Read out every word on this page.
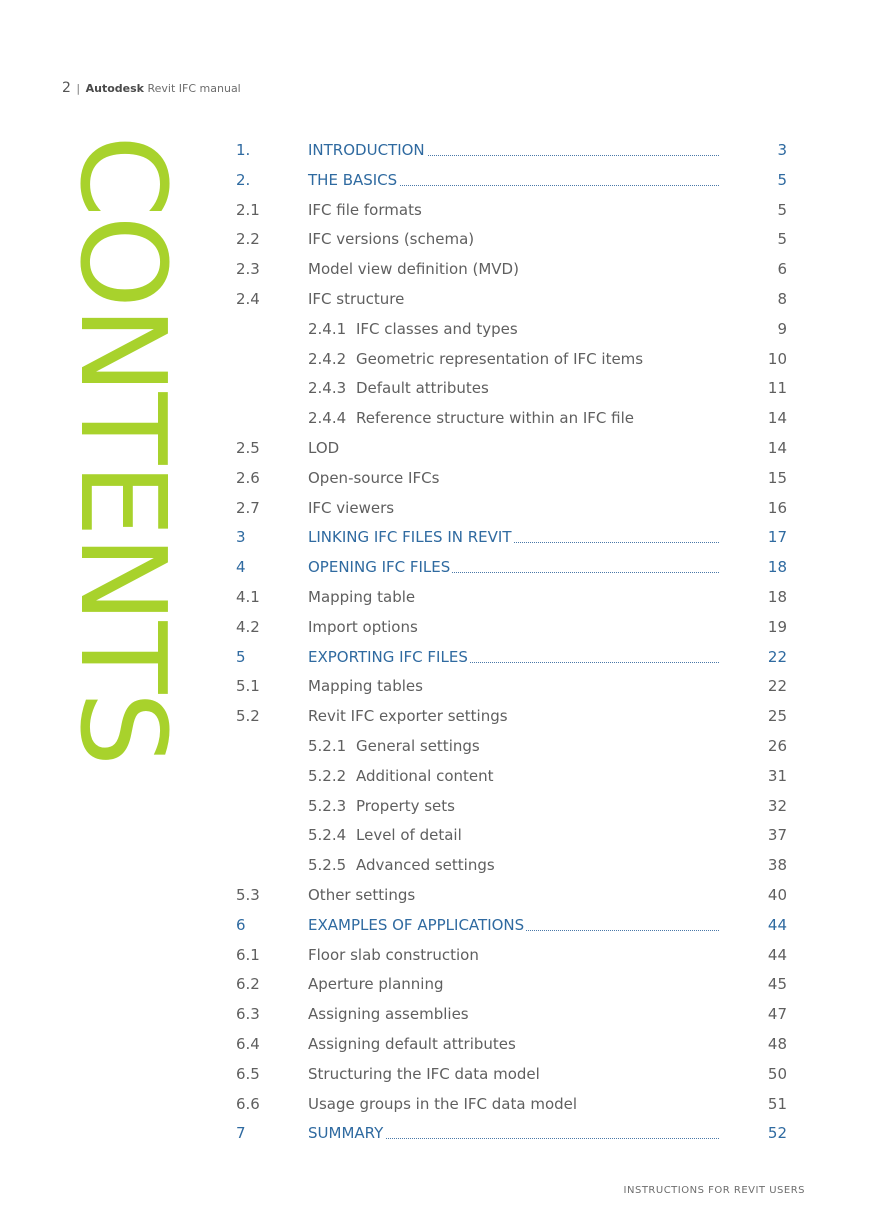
2 | Autodesk Revit IFC manual
CONTENTS	1.	INTRODUCTION	3
2.	THE BASICS	5
2.1	IFC file formats	5
2.2	IFC versions (schema)	5
2.3	Model view definition (MVD)	6
2.4	IFC structure	8
2.4.1 IFC classes and types	9
2.4.2 Geometric representation of IFC items	10
2.4.3 Default attributes	11
2.4.4 Reference structure within an IFC file	14
2.5	LOD	14
2.6	Open-source IFCs	15
2.7	IFC viewers	16
3	LINKING IFC FILES IN REVIT	17
4	OPENING IFC FILES	18
4.1	Mapping table	18
4.2	Import options	19
5	EXPORTING IFC FILES	22
5.1	Mapping tables	22
5.2	Revit IFC exporter settings	25
5.2.1 General settings	26
5.2.2 Additional content	31
5.2.3 Property sets	32
5.2.4 Level of detail	37
5.2.5 Advanced settings	38
5.3	Other settings	40
6	EXAMPLES OF APPLICATIONS	44
6.1	Floor slab construction	44
6.2	Aperture planning	45
6.3	Assigning assemblies	47
6.4	Assigning default attributes	48
6.5	Structuring the IFC data model	50
6.6	Usage groups in the IFC data model	51
7	SUMMARY	52
INSTRUCTIONS FOR REVIT USERS
